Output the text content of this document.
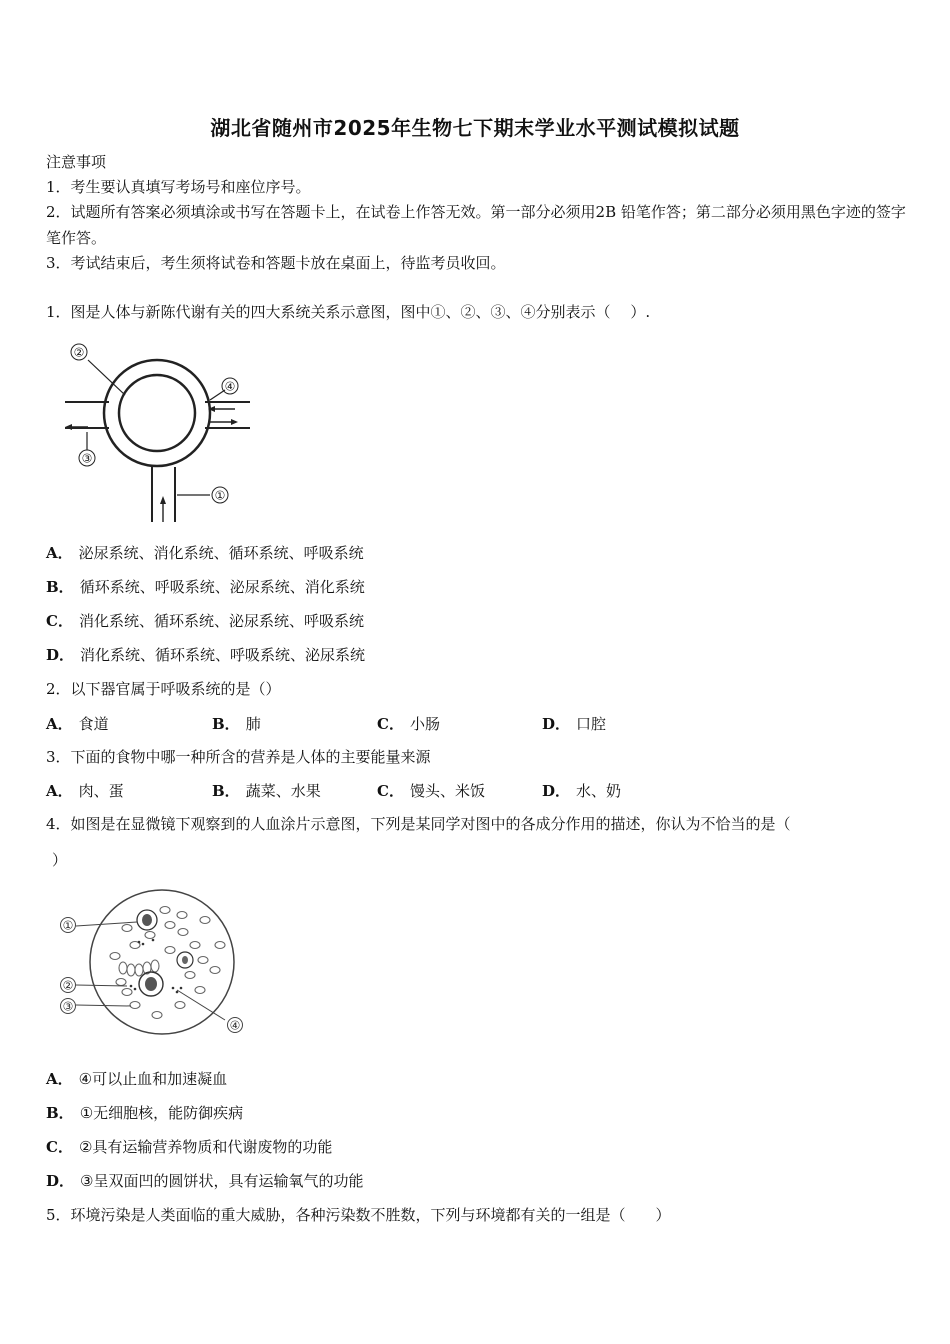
湖北省随州市2025年生物七下期末学业水平测试模拟试题
注意事项
1．考生要认真填写考场号和座位序号。
2．试题所有答案必须填涂或书写在答题卡上，在试卷上作答无效。第一部分必须用2B 铅笔作答；第二部分必须用黑色字迹的签字笔作答。
3．考试结束后，考生须将试卷和答题卡放在桌面上，待监考员收回。
1．图是人体与新陈代谢有关的四大系统关系示意图，图中①、②、③、④分别表示（　 ）.
②
④
③
①
A． 泌尿系统、消化系统、循环系统、呼吸系统
B． 循环系统、呼吸系统、泌尿系统、消化系统
C． 消化系统、循环系统、泌尿系统、呼吸系统
D． 消化系统、循环系统、呼吸系统、泌尿系统
2．以下器官属于呼吸系统的是（）
A． 食道	B． 肺	C． 小肠	D． 口腔
3．下面的食物中哪一种所含的营养是人体的主要能量来源
A． 肉、蛋	B． 蔬菜、水果	C． 馒头、米饭	D． 水、奶
4．如图是在显微镜下观察到的人血涂片示意图，下列是某同学对图中的各成分作用的描述，你认为不恰当的是（
）
①
②
③
④
A． ④可以止血和加速凝血
B． ①无细胞核，能防御疾病
C． ②具有运输营养物质和代谢废物的功能
D． ③呈双面凹的圆饼状，具有运输氧气的功能
5．环境污染是人类面临的重大威胁，各种污染数不胜数，下列与环境都有关的一组是（　　）
